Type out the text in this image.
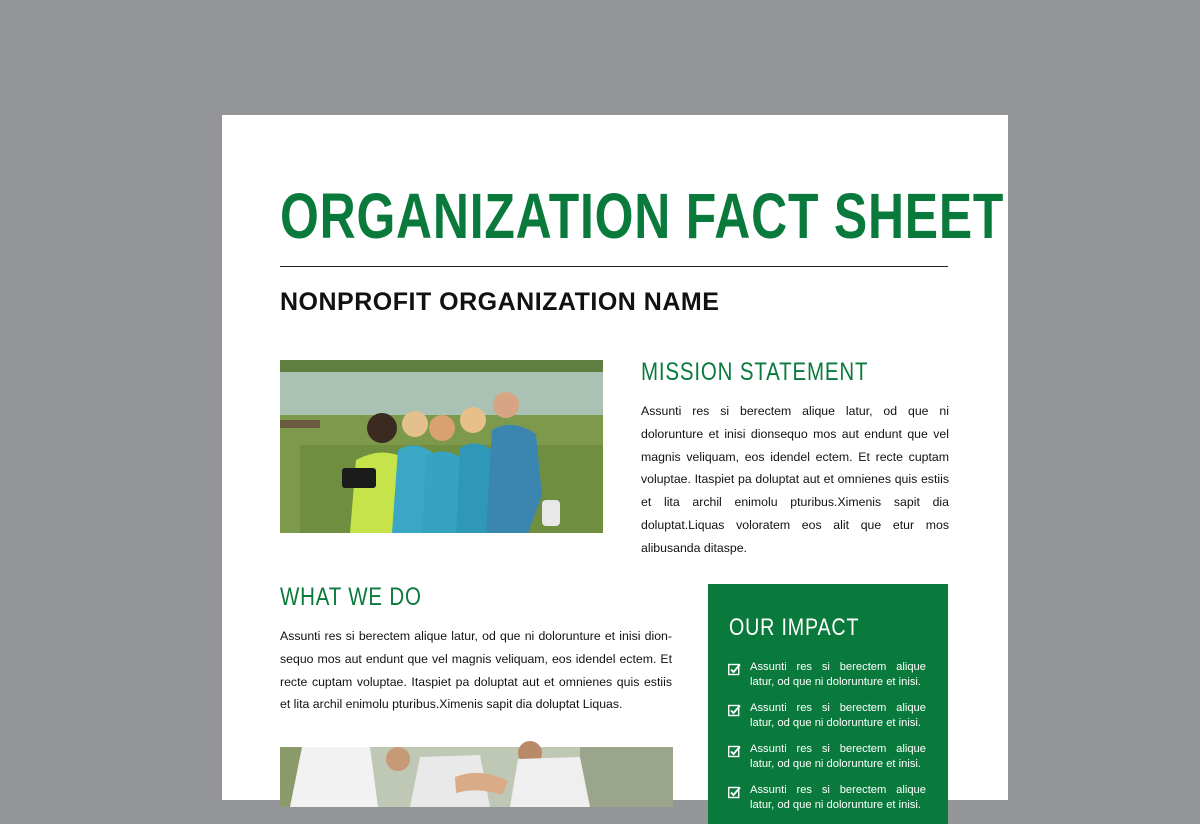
ORGANIZATION FACT SHEET
NONPROFIT ORGANIZATION NAME
MISSION STATEMENT

Assunti res si berectem alique latur, od que ni dolorunture et inisi dionsequo mos aut endunt que vel magnis veliquam, eos idendel ectem. Et recte cuptam voluptae. Itaspiet pa doluptat aut et omnienes quis estiis et lita archil enimolu pturibus.Ximenis sapit dia doluptat.Liquas voloratem eos alit que etur mos alibusanda ditaspe.

WHAT WE DO

Assunti res si berectem alique latur, od que ni dolorunture et inisi dion-sequo mos aut endunt que vel magnis veliquam, eos idendel ectem. Et recte cuptam voluptae. Itaspiet pa doluptat aut et omnienes quis estiis et lita archil enimolu pturibus.Ximenis sapit dia doluptat Liquas.

OUR IMPACT
Assunti res si berectem alique latur, od que ni dolorunture et inisi.
Assunti res si berectem alique latur, od que ni dolorunture et inisi.
Assunti res si berectem alique latur, od que ni dolorunture et inisi.
Assunti res si berectem alique latur, od que ni dolorunture et inisi.
